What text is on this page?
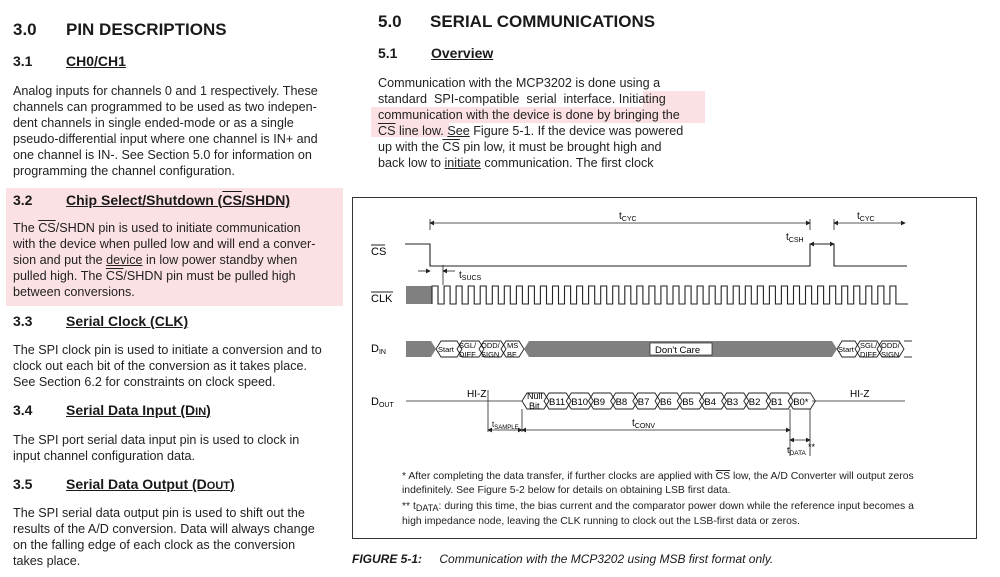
3.0	PIN DESCRIPTIONS
3.1	CH0/CH1
Analog inputs for channels 0 and 1 respectively. These
channels can programmed to be used as two indepen-
dent channels in single ended-mode or as a single
pseudo-differential input where one channel is IN+ and
one channel is IN-. See Section 5.0 for information on
programming the channel configuration.
3.2	Chip Select/Shutdown (CS/SHDN)
The $\overline{CS}$/SHDN pin is used to initiate communication
with the device when pulled low and will end a conver-
sion and put the device in low power standby when
pulled high. The $\overline{CS}$/SHDN pin must be pulled high
between conversions.
3.3	Serial Clock (CLK)
The SPI clock pin is used to initiate a conversion and to
clock out each bit of the conversion as it takes place.
See Section 6.2 for constraints on clock speed.
3.4	Serial Data Input (DIN)
The SPI port serial data input pin is used to clock in
input channel configuration data.
3.5	Serial Data Output (DOUT)
The SPI serial data output pin is used to shift out the
results of the A/D conversion. Data will always change
on the falling edge of each clock as the conversion
takes place.
5.0	SERIAL COMMUNICATIONS
5.1	Overview
Communication with the MCP3202 is done using a
standard  SPI-compatible  serial  interface. Initiating
communication with the device is done by bringing the
$\overline{CS}$ line low. See Figure 5-1. If the device was powered
up with the $\overline{CS}$ pin low, it must be brought high and
back low to initiate communication. The first clock
CS
CLK
DIN
DOUT
$t_{CYC}$	$t_{CYC}$
$t_{CSH}$
$t_{SUCS}$
Start SGL/
DIFF
ODD/
SIGN
MS
BF	Don't Care	Start SGL/
DIFF
ODD/
SIGN
HI-Z	Null
Bit B11 B10 B9 B8 B7 B6 B5 B4 B3 B2 B1 B0*
HI-Z
$t_{SAMPLE}$	$t_{CONV}$
$t_{DATA}$
**
* After completing the data transfer, if further clocks are applied with $\overline{CS}$ low, the A/D Converter will output zeros
indefinitely. See Figure 5-2 below for details on obtaining LSB first data.
** tDATA: during this time, the bias current and the comparator power down while the reference input becomes a
high impedance node, leaving the CLK running to clock out the LSB-first data or zeros.
FIGURE 5-1: Communication with the MCP3202 using MSB first format only.
